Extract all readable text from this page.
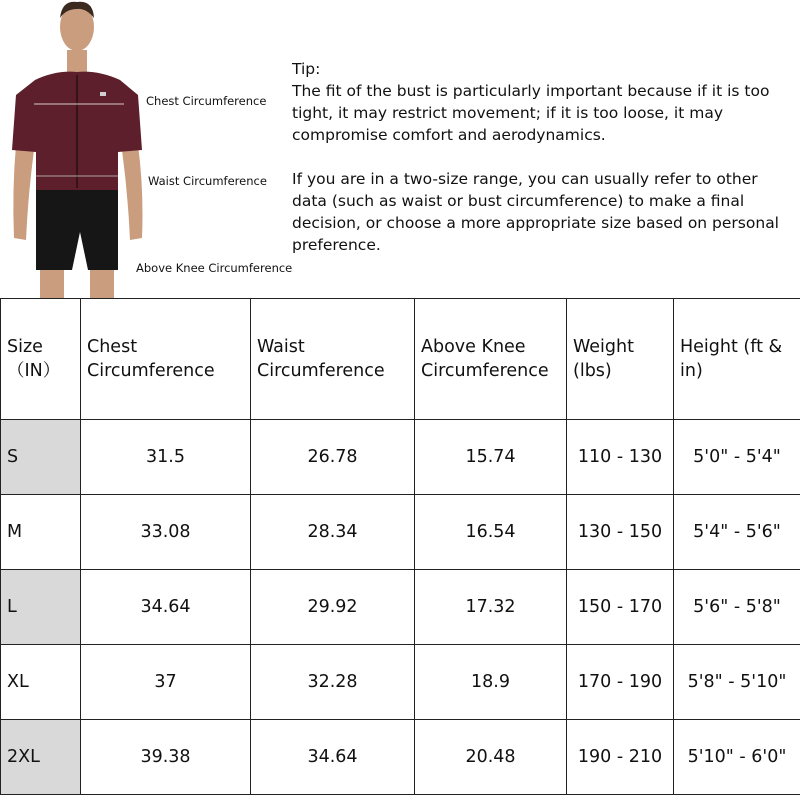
Chest Circumference
Waist Circumference
Above Knee Circumference

Tip:

The fit of the bust is particularly important because if it is too tight, it may restrict movement; if it is too loose, it may compromise comfort and aerodynamics.

If you are in a two-size range, you can usually refer to other data (such as waist or bust circumference) to make a final decision, or choose a more appropriate size based on personal preference.

Size
（IN）	Chest Circumference	Waist Circumference	Above Knee Circumference	Weight (lbs)	Height (ft & in)
S	31.5	26.78	15.74	110 - 130	5'0" - 5'4"
M	33.08	28.34	16.54	130 - 150	5'4" - 5'6"
L	34.64	29.92	17.32	150 - 170	5'6" - 5'8"
XL	37	32.28	18.9	170 - 190	5'8" - 5'10"
2XL	39.38	34.64	20.48	190 - 210	5'10" - 6'0"
